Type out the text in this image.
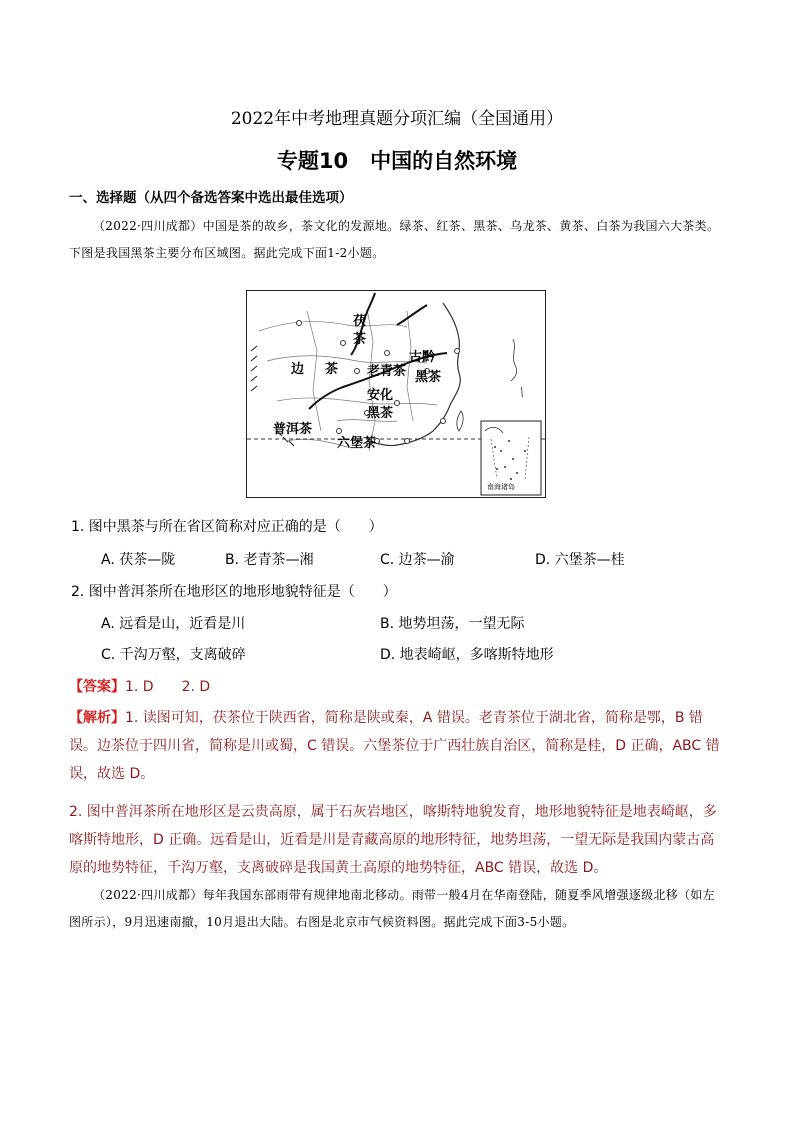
2022年中考地理真题分项汇编（全国通用）
专题10 中国的自然环境
一、选择题（从四个备选答案中选出最佳选项）
（2022·四川成都）中国是茶的故乡，茶文化的发源地。绿茶、红茶、黑茶、乌龙茶、黄茶、白茶为我国六大茶类。下图是我国黑茶主要分布区域图。据此完成下面1-2小题。
茯
茶
边 茶 老青茶
古黔
黑茶
安化
黑茶
普洱茶
六堡茶
南海诸岛
1. 图中黑茶与所在省区简称对应正确的是（　　）
A. 茯茶—陇	B. 老青茶—湘	C. 边茶—渝	D. 六堡茶—桂
2. 图中普洱茶所在地形区的地形地貌特征是（　　）
A. 远看是山，近看是川	B. 地势坦荡，一望无际
C. 千沟万壑，支离破碎	D. 地表崎岖，多喀斯特地形
【答案】1. D　　2. D
【解析】1. 读图可知，茯茶位于陕西省，简称是陕或秦，A 错误。老青茶位于湖北省，简称是鄂，B 错误。边茶位于四川省，简称是川或蜀，C 错误。六堡茶位于广西壮族自治区，简称是桂，D 正确，ABC 错误，故选 D。
2. 图中普洱茶所在地形区是云贵高原，属于石灰岩地区，喀斯特地貌发育，地形地貌特征是地表崎岖，多喀斯特地形，D 正确。远看是山，近看是川是青藏高原的地形特征，地势坦荡，一望无际是我国内蒙古高原的地势特征，千沟万壑，支离破碎是我国黄土高原的地势特征，ABC 错误，故选 D。
（2022·四川成都）每年我国东部雨带有规律地南北移动。雨带一般4月在华南登陆，随夏季风增强逐级北移（如左图所示），9月迅速南撤，10月退出大陆。右图是北京市气候资料图。据此完成下面3-5小题。
